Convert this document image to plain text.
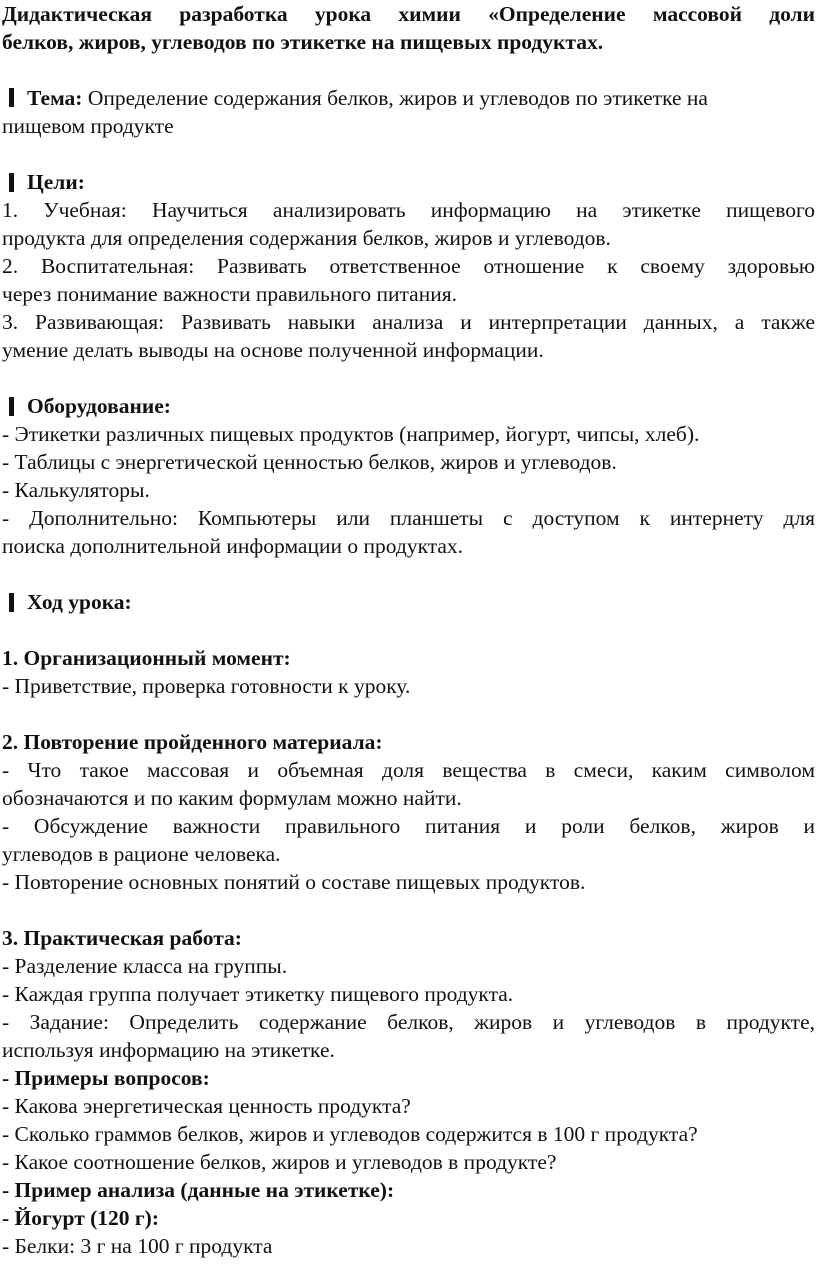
Дидактическая разработка урока химии «Определение массовой доли
белков, жиров, углеводов по этикетке на пищевых продуктах.
Тема: Определение содержания белков, жиров и углеводов по этикетке на
пищевом продукте
Цели:
1. Учебная: Научиться анализировать информацию на этикетке пищевого
продукта для определения содержания белков, жиров и углеводов.
2. Воспитательная: Развивать ответственное отношение к своему здоровью
через понимание важности правильного питания.
3. Развивающая: Развивать навыки анализа и интерпретации данных, а также
умение делать выводы на основе полученной информации.
Оборудование:
- Этикетки различных пищевых продуктов (например, йогурт, чипсы, хлеб).
- Таблицы с энергетической ценностью белков, жиров и углеводов.
- Калькуляторы.
- Дополнительно: Компьютеры или планшеты с доступом к интернету для
поиска дополнительной информации о продуктах.
Ход урока:
1. Организационный момент:
- Приветствие, проверка готовности к уроку.
2. Повторение пройденного материала:
- Что такое массовая и объемная доля вещества в смеси, каким символом
обозначаются и по каким формулам можно найти.
- Обсуждение важности правильного питания и роли белков, жиров и
углеводов в рационе человека.
- Повторение основных понятий о составе пищевых продуктов.
3. Практическая работа:
- Разделение класса на группы.
- Каждая группа получает этикетку пищевого продукта.
- Задание: Определить содержание белков, жиров и углеводов в продукте,
используя информацию на этикетке.
- Примеры вопросов:
- Какова энергетическая ценность продукта?
- Сколько граммов белков, жиров и углеводов содержится в 100 г продукта?
- Какое соотношение белков, жиров и углеводов в продукте?
- Пример анализа (данные на этикетке):
- Йогурт (120 г):
- Белки: 3 г на 100 г продукта
